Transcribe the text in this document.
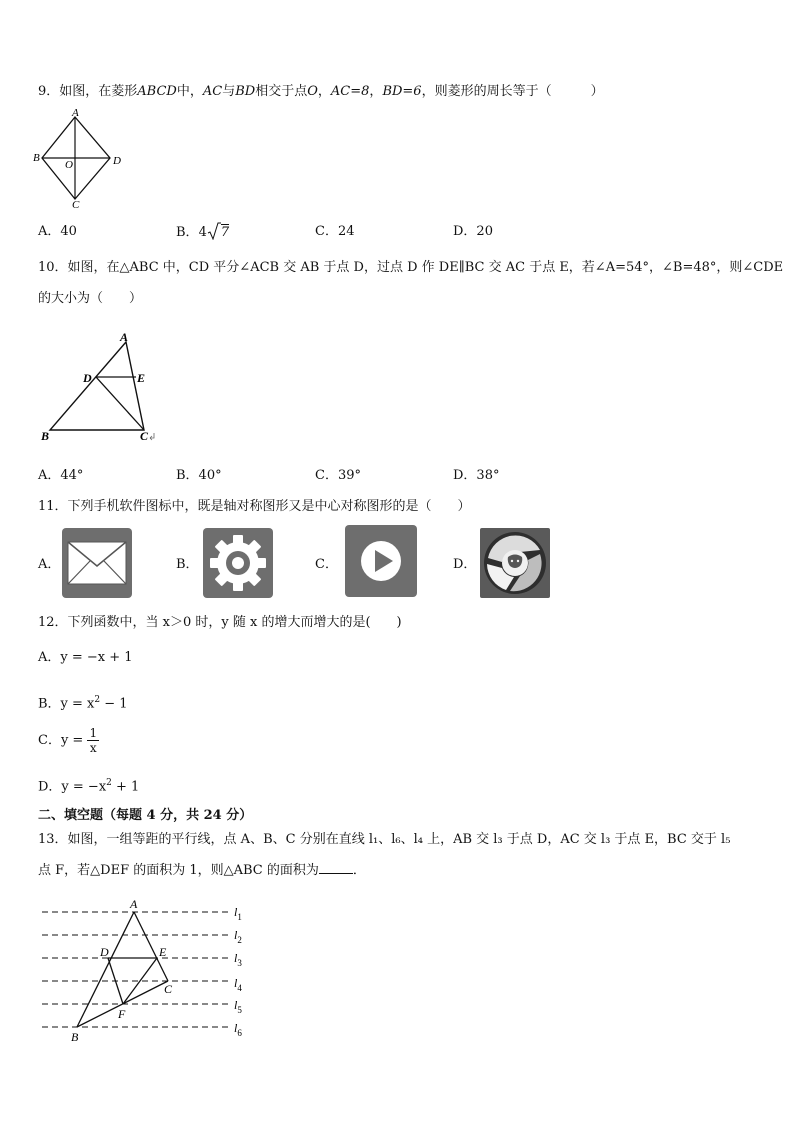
9．如图，在菱形ABCD中，AC与BD相交于点O，AC=8，BD=6，则菱形的周长等于（　　　）
A
B
C
D
O
A．40	B．4 7	C．24	D．20
10．如图，在△ABC 中，CD 平分∠ACB 交 AB 于点 D，过点 D 作 DE∥BC 交 AC 于点 E，若∠A=54°，∠B=48°，则∠CDE
的大小为（　　）
A
D	E
B	C
A．44°	B．40°	C．39°	D．38°
11．下列手机软件图标中，既是轴对称图形又是中心对称图形的是（　　）
A．	B．	C．	D．
12．下列函数中，当 x＞0 时，y 随 x 的增大而增大的是(　　)
A．y = −x + 1
B．$y = x^2 - 1$
C．$y = \frac{1}{x}$
D．$y = -x^2 + 1$
二、填空题（每题 4 分，共 24 分）
13．如图，一组等距的平行线，点 A、B、C 分别在直线 l₁、l₆、l₄ 上，AB 交 l₃ 于点 D，AC 交 l₃ 于点 E，BC 交于 l₅
点 F，若△DEF 的面积为 1，则△ABC 的面积为	．
A
D	E
C
F
B
$l_1$
$l_2$
$l_3$
$l_4$
$l_5$
$l_6$
